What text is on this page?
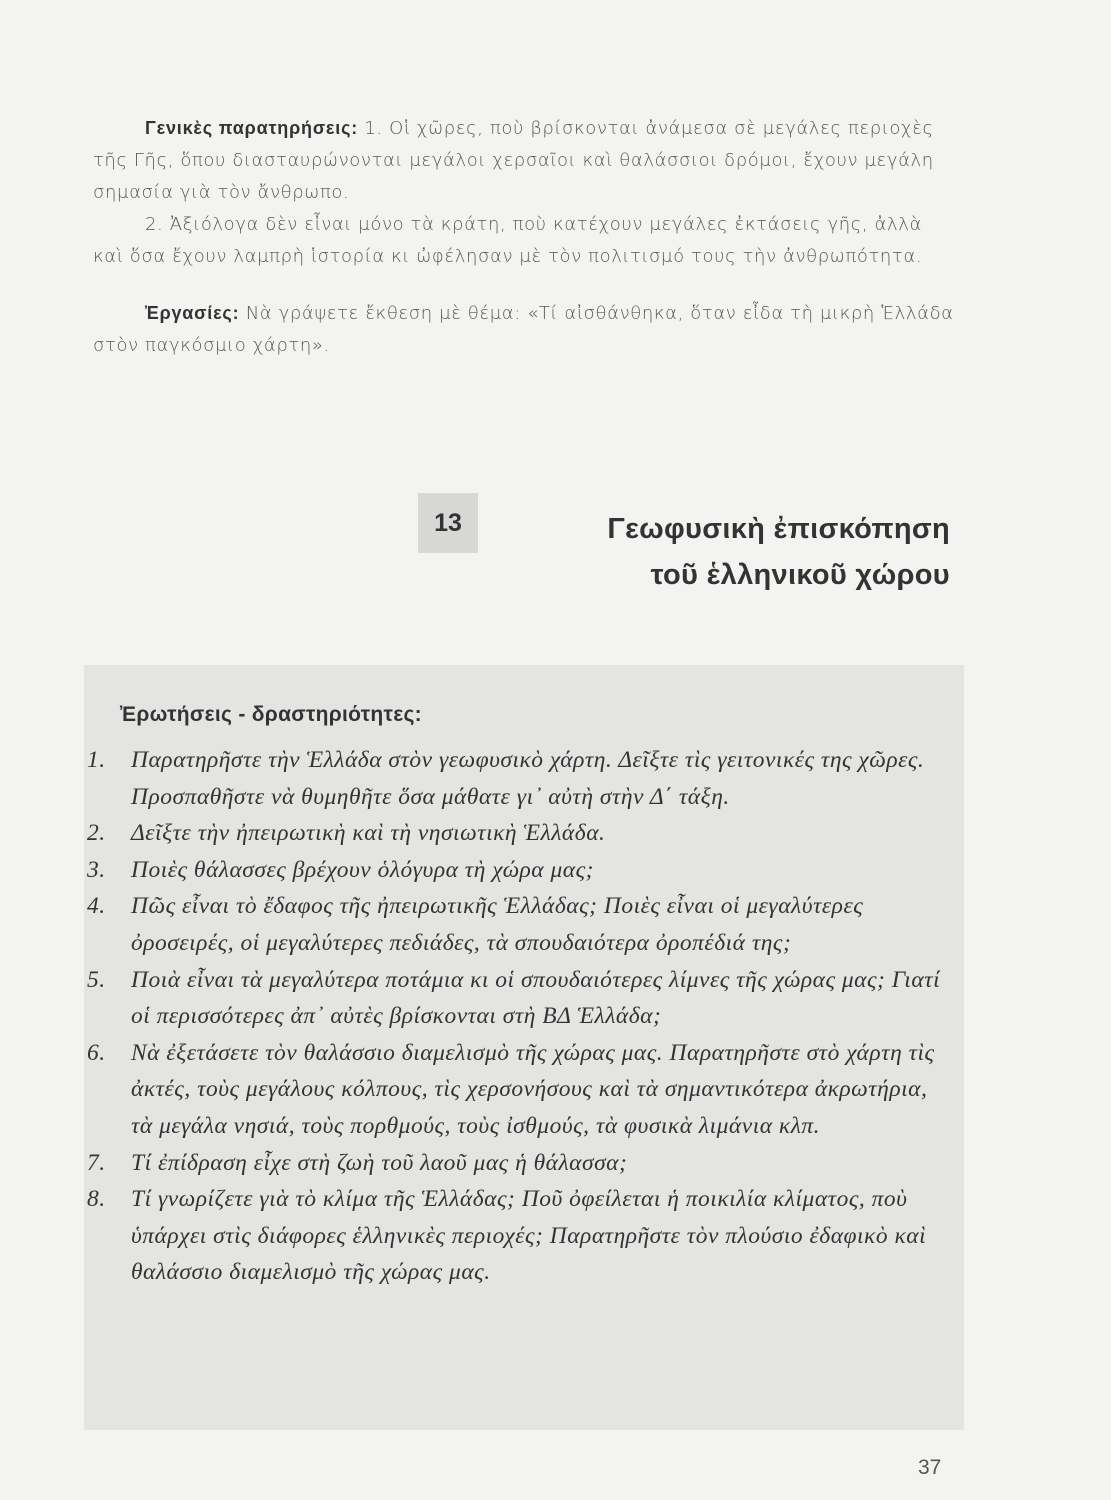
Γενικὲς παρατηρήσεις: 1. Οἱ χῶρες, ποὺ βρίσκονται ἀνάμεσα σὲ μεγάλες περιοχὲς τῆς Γῆς, ὅπου διασταυρώνονται μεγάλοι χερσαῖοι καὶ θαλάσσιοι δρόμοι, ἔχουν μεγάλη σημασία γιὰ τὸν ἄνθρωπο.

2. Ἀξιόλογα δὲν εἶναι μόνο τὰ κράτη, ποὺ κατέχουν μεγάλες ἐκτάσεις γῆς, ἀλλὰ καὶ ὅσα ἔχουν λαμπρὴ ἱστορία κι ὠφέλησαν μὲ τὸν πολιτισμό τους τὴν ἀνθρωπότητα.

Ἐργασίες: Νὰ γράψετε ἔκθεση μὲ θέμα: «Τί αἰσθάνθηκα, ὅταν εἶδα τὴ μικρὴ Ἑλλάδα στὸν παγκόσμιο χάρτη».

13	Γεωφυσικὴ ἐπισκόπηση
τοῦ ἑλληνικοῦ χώρου
Ἐρωτήσεις - δραστηριότητες:
1.	Παρατηρῆστε τὴν Ἑλλάδα στὸν γεωφυσικὸ χάρτη. Δεῖξτε τὶς γειτονικές της χῶρες. Προσπαθῆστε νὰ θυμηθῆτε ὅσα μάθατε γι᾽ αὐτὴ στὴν Δ΄ τάξη.
2.	Δεῖξτε τὴν ἠπειρωτικὴ καὶ τὴ νησιωτικὴ Ἑλλάδα.
3.	Ποιὲς θάλασσες βρέχουν ὁλόγυρα τὴ χώρα μας;
4.	Πῶς εἶναι τὸ ἔδαφος τῆς ἠπειρωτικῆς Ἑλλάδας; Ποιὲς εἶναι οἱ μεγαλύτερες ὀροσειρές, οἱ μεγαλύτερες πεδιάδες, τὰ σπουδαιότερα ὀροπέδιά της;
5.	Ποιὰ εἶναι τὰ μεγαλύτερα ποτάμια κι οἱ σπουδαιότερες λίμνες τῆς χώρας μας; Γιατί οἱ περισσότερες ἀπ᾽ αὐτὲς βρίσκονται στὴ ΒΔ Ἑλλάδα;
6.	Νὰ ἐξετάσετε τὸν θαλάσσιο διαμελισμὸ τῆς χώρας μας. Παρατηρῆστε στὸ χάρτη τὶς ἀκτές, τοὺς μεγάλους κόλπους, τὶς χερσονήσους καὶ τὰ σημαντικότερα ἀκρωτήρια, τὰ μεγάλα νησιά, τοὺς πορθμούς, τοὺς ἰσθμούς, τὰ φυσικὰ λιμάνια κλπ.
7.	Τί ἐπίδραση εἶχε στὴ ζωὴ τοῦ λαοῦ μας ἡ θάλασσα;
8.	Τί γνωρίζετε γιὰ τὸ κλίμα τῆς Ἑλλάδας; Ποῦ ὀφείλεται ἡ ποικιλία κλίματος, ποὺ ὑπάρχει στὶς διάφορες ἑλληνικὲς περιοχές; Παρατηρῆστε τὸν πλούσιο ἐδαφικὸ καὶ θαλάσσιο διαμελισμὸ τῆς χώρας μας.
37
